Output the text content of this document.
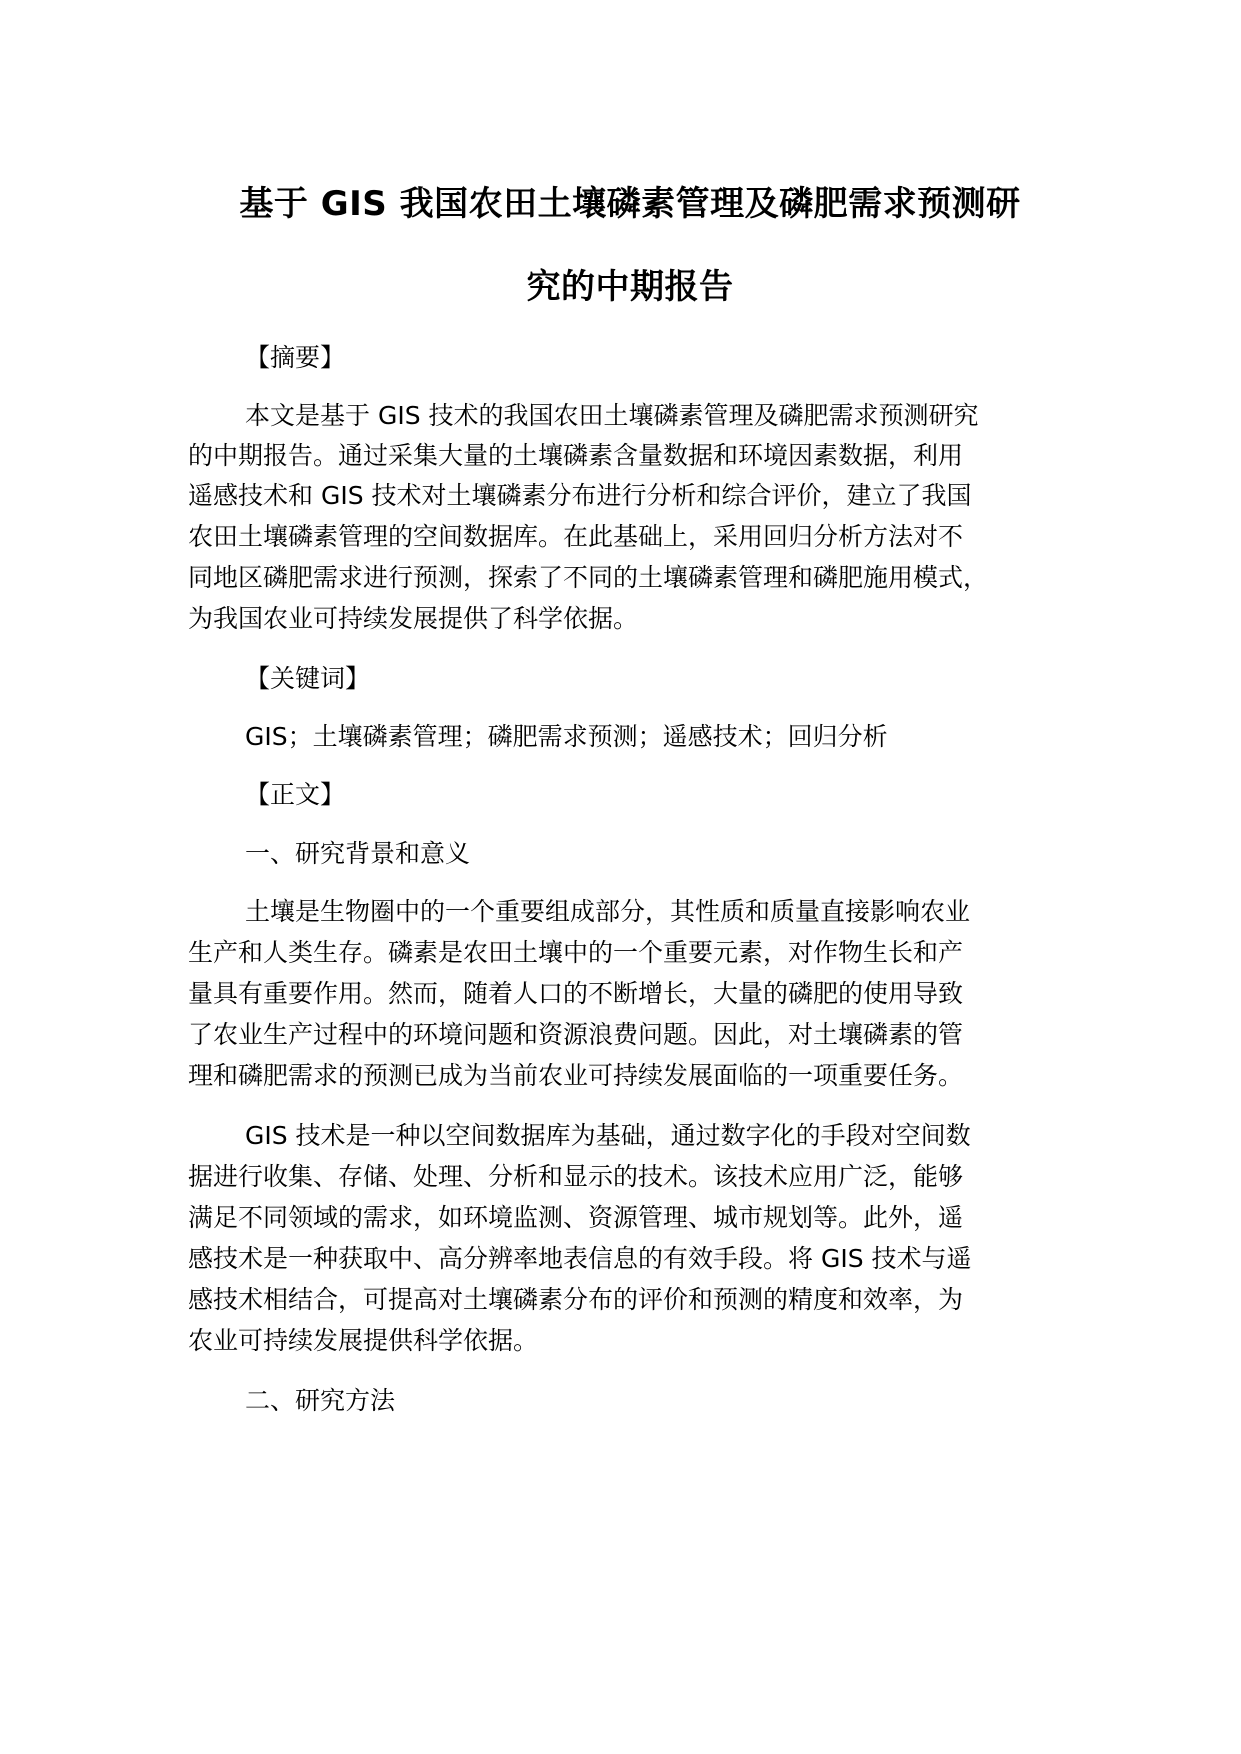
基于 GIS 我国农田土壤磷素管理及磷肥需求预测研
究的中期报告

【摘要】

本文是基于 GIS 技术的我国农田土壤磷素管理及磷肥需求预测研究

的中期报告。通过采集大量的土壤磷素含量数据和环境因素数据，利用

遥感技术和 GIS 技术对土壤磷素分布进行分析和综合评价，建立了我国

农田土壤磷素管理的空间数据库。在此基础上，采用回归分析方法对不

同地区磷肥需求进行预测，探索了不同的土壤磷素管理和磷肥施用模式，

为我国农业可持续发展提供了科学依据。

【关键词】

GIS；土壤磷素管理；磷肥需求预测；遥感技术；回归分析

【正文】

一、研究背景和意义

土壤是生物圈中的一个重要组成部分，其性质和质量直接影响农业

生产和人类生存。磷素是农田土壤中的一个重要元素，对作物生长和产

量具有重要作用。然而，随着人口的不断增长，大量的磷肥的使用导致

了农业生产过程中的环境问题和资源浪费问题。因此，对土壤磷素的管

理和磷肥需求的预测已成为当前农业可持续发展面临的一项重要任务。

GIS 技术是一种以空间数据库为基础，通过数字化的手段对空间数

据进行收集、存储、处理、分析和显示的技术。该技术应用广泛，能够

满足不同领域的需求，如环境监测、资源管理、城市规划等。此外，遥

感技术是一种获取中、高分辨率地表信息的有效手段。将 GIS 技术与遥

感技术相结合，可提高对土壤磷素分布的评价和预测的精度和效率，为

农业可持续发展提供科学依据。

二、研究方法
